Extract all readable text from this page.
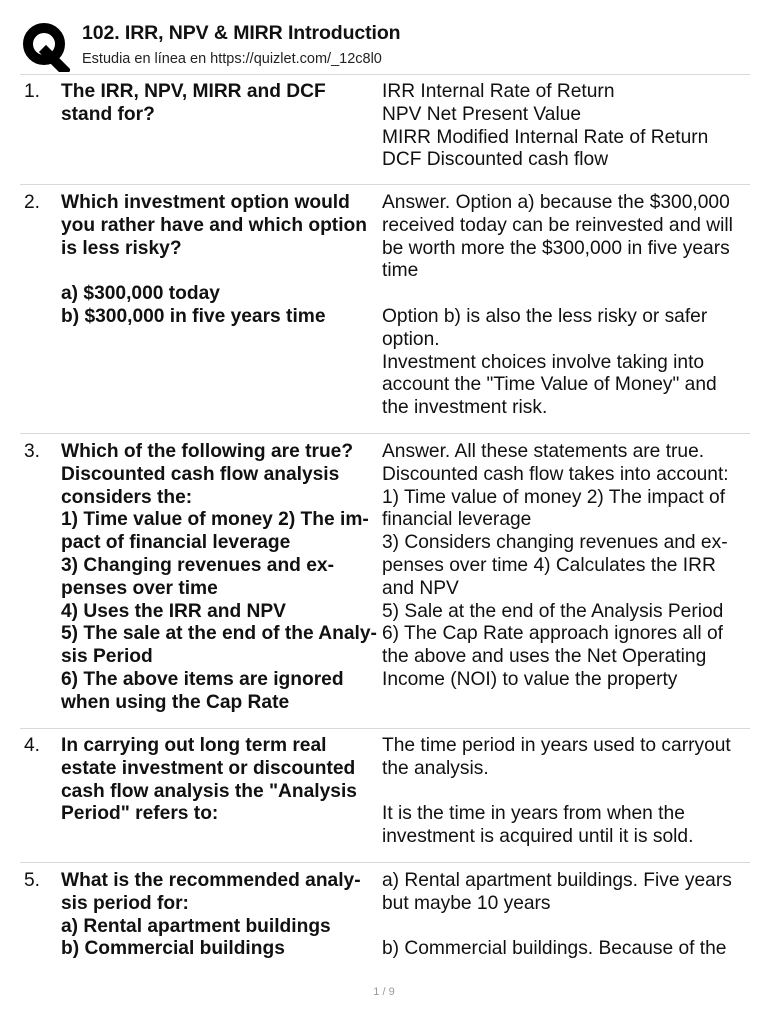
102. IRR, NPV & MIRR Introduction
Estudia en línea en https://quizlet.com/_12c8l0
1. The IRR, NPV, MIRR and DCF
stand for?
IRR Internal Rate of Return
NPV Net Present Value
MIRR Modified Internal Rate of Return
DCF Discounted cash flow
2. Which investment option would
you rather have and which option
is less risky?
a) $300,000 today
b) $300,000 in five years time
Answer. Option a) because the $300,000
received today can be reinvested and will
be worth more the $300,000 in five years
time
Option b) is also the less risky or safer
option.
Investment choices involve taking into
account the "Time Value of Money" and
the investment risk.
3. Which of the following are true?
Discounted cash flow analysis
considers the:
1) Time value of money 2) The im-
pact of financial leverage
3) Changing revenues and ex-
penses over time
4) Uses the IRR and NPV
5) The sale at the end of the Analy-
sis Period
6) The above items are ignored
when using the Cap Rate
Answer. All these statements are true.
Discounted cash flow takes into account:
1) Time value of money 2) The impact of
financial leverage
3) Considers changing revenues and ex-
penses over time 4) Calculates the IRR
and NPV
5) Sale at the end of the Analysis Period
6) The Cap Rate approach ignores all of
the above and uses the Net Operating
Income (NOI) to value the property
4. In carrying out long term real
estate investment or discounted
cash flow analysis the "Analysis
Period" refers to:
The time period in years used to carryout
the analysis.
It is the time in years from when the
investment is acquired until it is sold.
5. What is the recommended analy-
sis period for:
a) Rental apartment buildings
b) Commercial buildings
a) Rental apartment buildings. Five years
but maybe 10 years
b) Commercial buildings. Because of the
1 / 9
